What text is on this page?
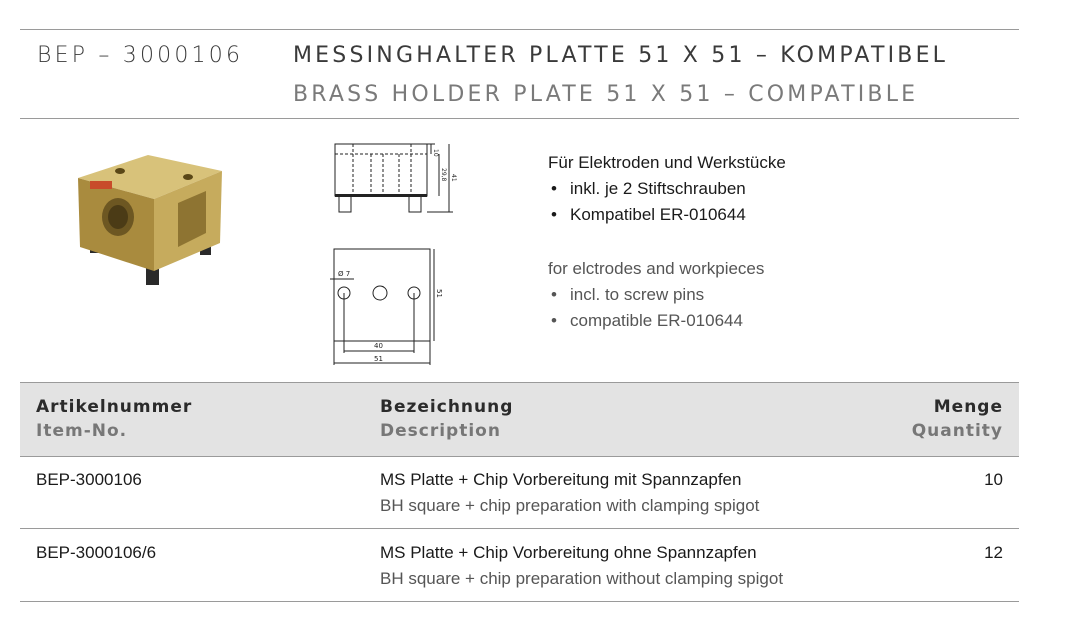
BEP – 3000106 MESSINGHALTER PLATTE 51 X 51 – KOMPATIBEL
BRASS HOLDER PLATE 51 X 51 – COMPATIBLE
10
29,8 41
Ø 7
51
40
51

Für Elektroden und Werkstücke

• inkl. je 2 Stiftschrauben
• Kompatibel ER-010644

for elctrodes and workpieces

• incl. to screw pins
• compatible ER-010644
Artikelnummer
Item-No.
Bezeichnung
Description
Menge
Quantity
BEP-3000106	MS Platte + Chip Vorbereitung mit Spannzapfen
BH square + chip preparation with clamping spigot
10
BEP-3000106/6	MS Platte + Chip Vorbereitung ohne Spannzapfen
BH square + chip preparation without clamping spigot
12
